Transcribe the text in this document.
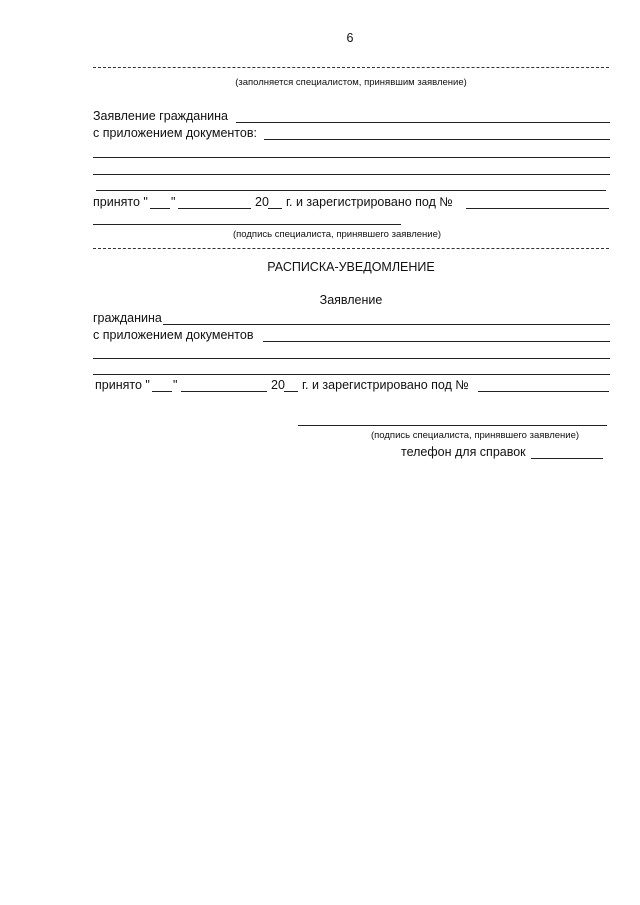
6
(заполняется специалистом, принявшим заявление)
Заявление гражданина
с приложением документов:
принято " "	20 г. и зарегистрировано под №
(подпись специалиста, принявшего заявление)
РАСПИСКА-УВЕДОМЛЕНИЕ
Заявление
гражданина
с приложением документов
принято " "	20 г. и зарегистрировано под №
(подпись специалиста, принявшего заявление)
телефон для справок
